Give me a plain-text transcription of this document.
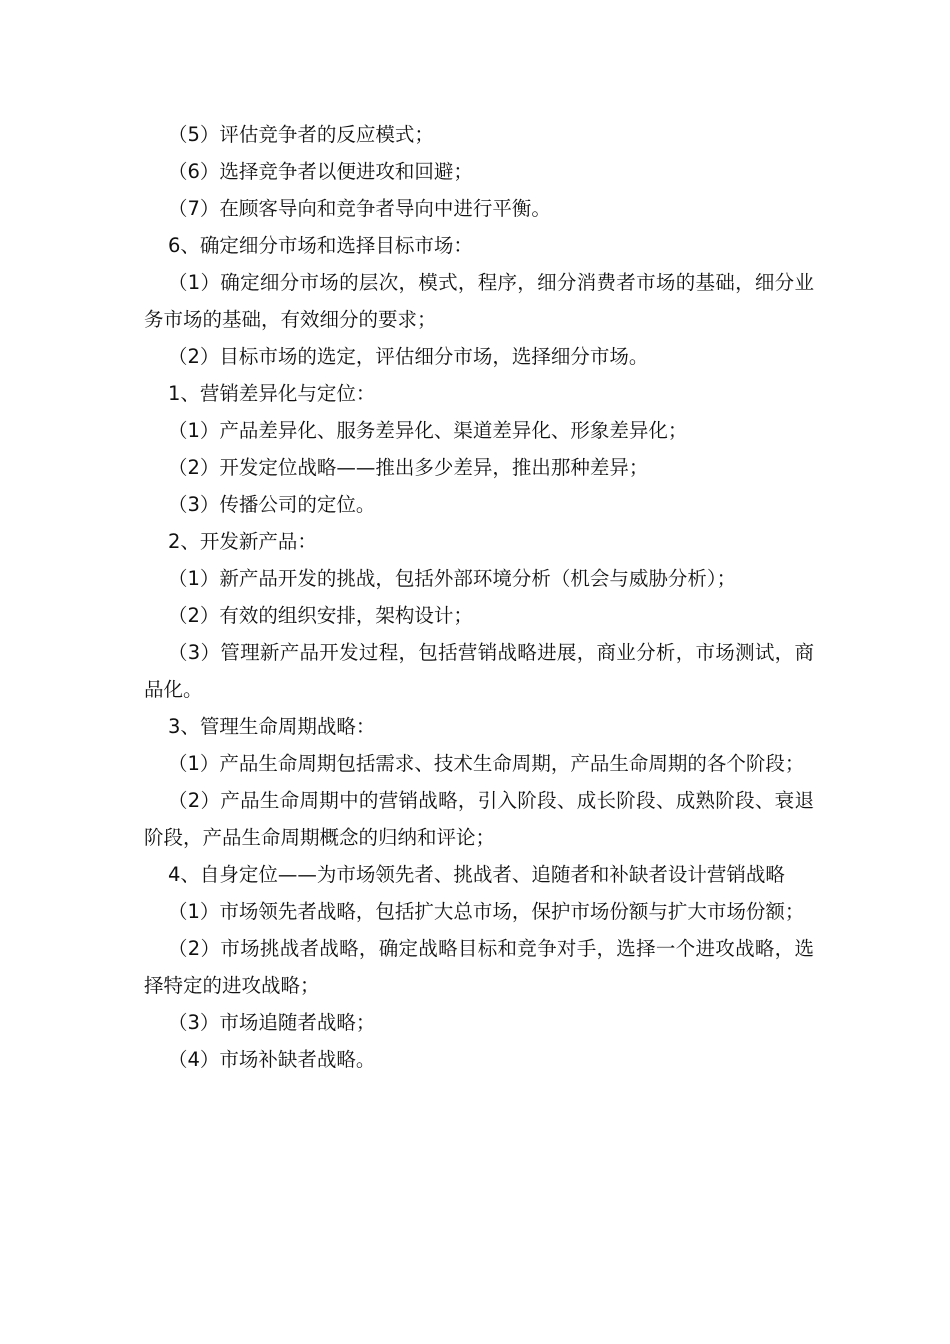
（5）评估竞争者的反应模式；

（6）选择竞争者以便进攻和回避；

（7）在顾客导向和竞争者导向中进行平衡。

6、确定细分市场和选择目标市场：

（1）确定细分市场的层次，模式，程序，细分消费者市场的基础，细分业务市场的基础，有效细分的要求；

（2）目标市场的选定，评估细分市场，选择细分市场。

1、营销差异化与定位：

（1）产品差异化、服务差异化、渠道差异化、形象差异化；

（2）开发定位战略——推出多少差异，推出那种差异；

（3）传播公司的定位。

2、开发新产品：

（1）新产品开发的挑战，包括外部环境分析（机会与威胁分析）；

（2）有效的组织安排，架构设计；

（3）管理新产品开发过程，包括营销战略进展，商业分析，市场测试，商品化。

3、管理生命周期战略：

（1）产品生命周期包括需求、技术生命周期，产品生命周期的各个阶段；

（2）产品生命周期中的营销战略，引入阶段、成长阶段、成熟阶段、衰退阶段，产品生命周期概念的归纳和评论；

4、自身定位——为市场领先者、挑战者、追随者和补缺者设计营销战略

（1）市场领先者战略，包括扩大总市场，保护市场份额与扩大市场份额；

（2）市场挑战者战略，确定战略目标和竞争对手，选择一个进攻战略，选择特定的进攻战略；

（3）市场追随者战略；

（4）市场补缺者战略。
